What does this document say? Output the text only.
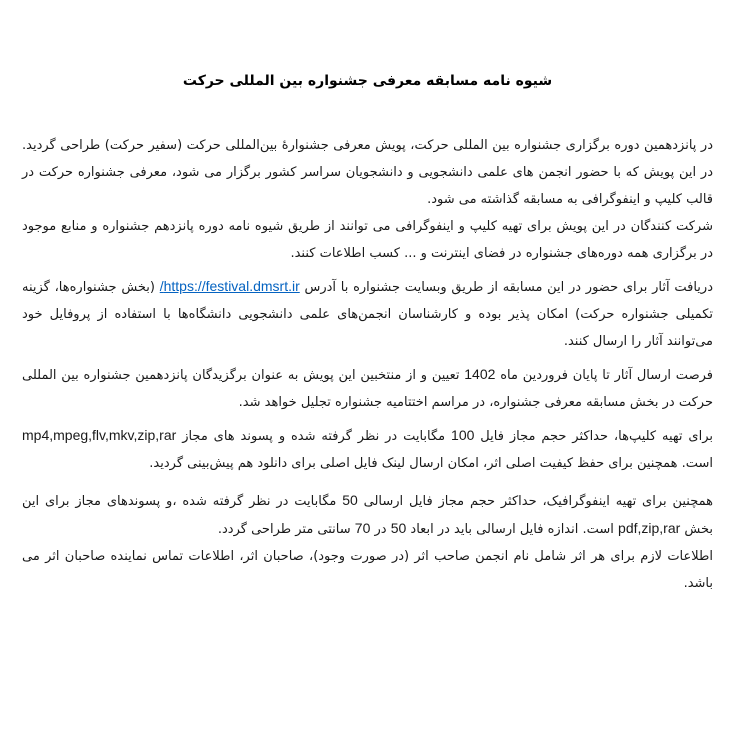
شیوه نامه مسابقه معرفی جشنواره بین المللی حرکت

در پانزدهمین دوره برگزاری جشنواره بین المللی حرکت، پویش معرفی جشنوارهٔ بین‌المللی حرکت (سفیر حرکت) طراحی گردید. در این پویش که با حضور انجمن های علمی دانشجویی و دانشجویان سراسر کشور برگزار می شود، معرفی جشنواره حرکت در قالب کلیپ و اینفوگرافی به مسابقه گذاشته می شود.

شرکت کنندگان در این پویش برای تهیه کلیپ و اینفوگرافی می توانند از طریق شیوه نامه دوره پانزدهم جشنواره و منابع موجود در برگزاری همه دوره‌های جشنواره در فضای اینترنت و ... کسب اطلاعات کنند.

دریافت آثار برای حضور در این مسابقه از طریق وبسایت جشنواره با آدرس https://festival.dmsrt.ir/ (بخش جشنواره‌ها، گزینه تکمیلی جشنواره حرکت) امکان پذیر بوده و کارشناسان انجمن‌های علمی دانشجویی دانشگاه‌ها با استفاده از پروفایل خود می‌توانند آثار را ارسال کنند.

فرصت ارسال آثار تا پایان فروردین ماه 1402 تعیین و از منتخبین این پویش به عنوان برگزیدگان پانزدهمین جشنواره بین المللی حرکت در بخش مسابقه معرفی جشنواره، در مراسم اختتامیه جشنواره تجلیل خواهد شد.

برای تهیه کلیپ‌ها، حداکثر حجم مجاز فایل 100 مگابایت در نظر گرفته شده و پسوند های مجاز mp4,mpeg,flv,mkv,zip,rar است. همچنین برای حفظ کیفیت اصلی اثر، امکان ارسال لینک فایل اصلی برای دانلود هم پیش‌بینی گردید.

همچنین برای تهیه اینفوگرافیک، حداکثر حجم مجاز فایل ارسالی 50 مگابایت در نظر گرفته شده ،و پسوندهای مجاز برای این بخش pdf,zip,rar است. اندازه فایل ارسالی باید در ابعاد 50 در 70 سانتی متر طراحی گردد.

اطلاعات لازم برای هر اثر شامل نام انجمن صاحب اثر (در صورت وجود)، صاحبان اثر، اطلاعات تماس نماینده صاحبان اثر می باشد.
